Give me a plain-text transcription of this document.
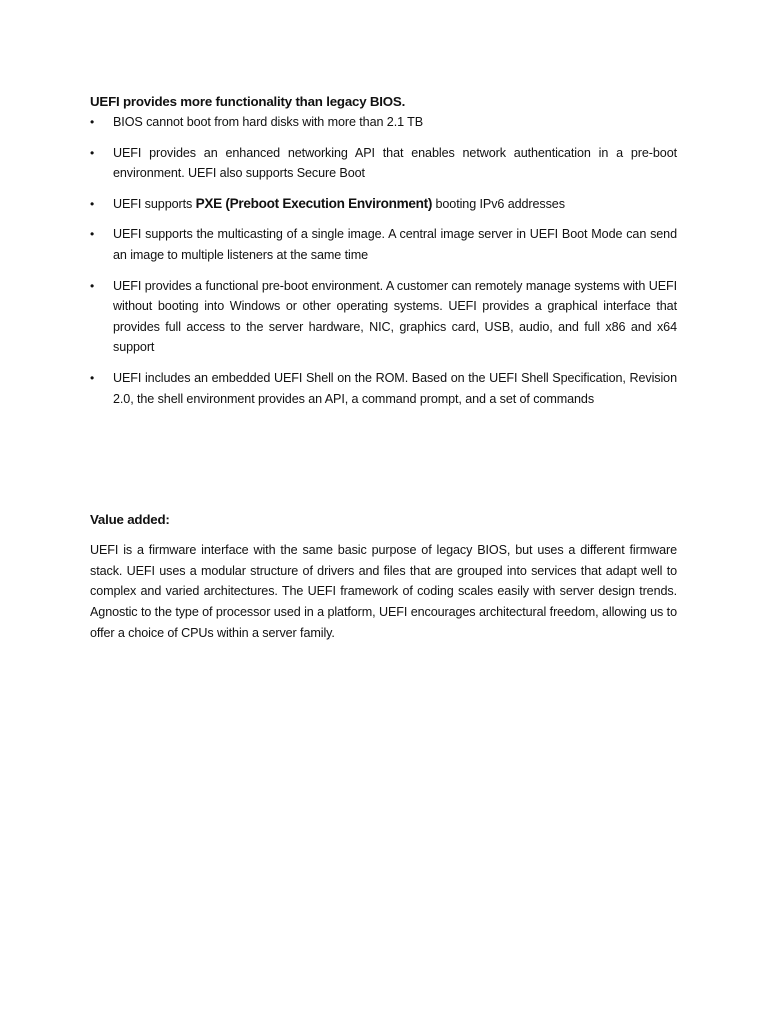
UEFI provides more functionality than legacy BIOS.

• BIOS cannot boot from hard disks with more than 2.1 TB
• UEFI provides an enhanced networking API that enables network authentication in a pre-boot environment. UEFI also supports Secure Boot
• UEFI supports PXE (Preboot Execution Environment) booting IPv6 addresses
• UEFI supports the multicasting of a single image. A central image server in UEFI Boot Mode can send an image to multiple listeners at the same time
• UEFI provides a functional pre-boot environment. A customer can remotely manage systems with UEFI without booting into Windows or other operating systems. UEFI provides a graphical interface that provides full access to the server hardware, NIC, graphics card, USB, audio, and full x86 and x64 support
• UEFI includes an embedded UEFI Shell on the ROM. Based on the UEFI Shell Specification, Revision 2.0, the shell environment provides an API, a command prompt, and a set of commands

Value added:

UEFI is a firmware interface with the same basic purpose of legacy BIOS, but uses a different firmware stack. UEFI uses a modular structure of drivers and files that are grouped into services that adapt well to complex and varied architectures. The UEFI framework of coding scales easily with server design trends. Agnostic to the type of processor used in a platform, UEFI encourages architectural freedom, allowing us to offer a choice of CPUs within a server family.
